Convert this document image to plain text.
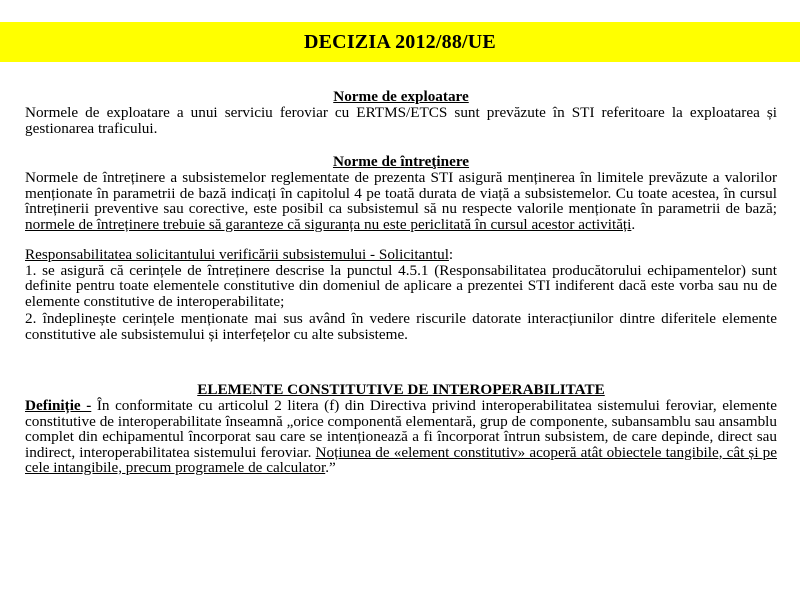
DECIZIA 2012/88/UE

Norme de exploatare

Normele de exploatare a unui serviciu feroviar cu ERTMS/ETCS sunt prevăzute în STI referitoare la exploatarea și gestionarea traficului.

Norme de întreţinere

Normele de întreținere a subsistemelor reglementate de prezenta STI asigură menținerea în limitele prevăzute a valorilor menționate în parametrii de bază indicați în capitolul 4 pe toată durata de viață a subsistemelor. Cu toate acestea, în cursul întreținerii preventive sau corective, este posibil ca subsistemul să nu respecte valorile menționate în parametrii de bază; normele de întreținere trebuie să garanteze că siguranța nu este periclitată în cursul acestor activități.

Responsabilitatea solicitantului verificării subsistemului - Solicitantul:

1. se asigură că cerințele de întreținere descrise la punctul 4.5.1 (Responsabilitatea producătorului echipamentelor) sunt definite pentru toate elementele constitutive din domeniul de aplicare a prezentei STI indiferent dacă este vorba sau nu de elemente constitutive de interoperabilitate;

2. îndeplinește cerințele menționate mai sus având în vedere riscurile datorate interacțiunilor dintre diferitele elemente constitutive ale subsistemului și interfețelor cu alte subsisteme.

ELEMENTE CONSTITUTIVE DE INTEROPERABILITATE

Definiție - În conformitate cu articolul 2 litera (f) din Directiva privind interoperabilitatea sistemului feroviar, elemente constitutive de interoperabilitate înseamnă „orice componentă elementară, grup de componente, subansamblu sau ansamblu complet din echipamentul încorporat sau care se intenționează a fi încorporat întrun subsistem, de care depinde, direct sau indirect, interoperabilitatea sistemului feroviar. Noțiunea de «element constitutiv» acoperă atât obiectele tangibile, cât și pe cele intangibile, precum programele de calculator.”
